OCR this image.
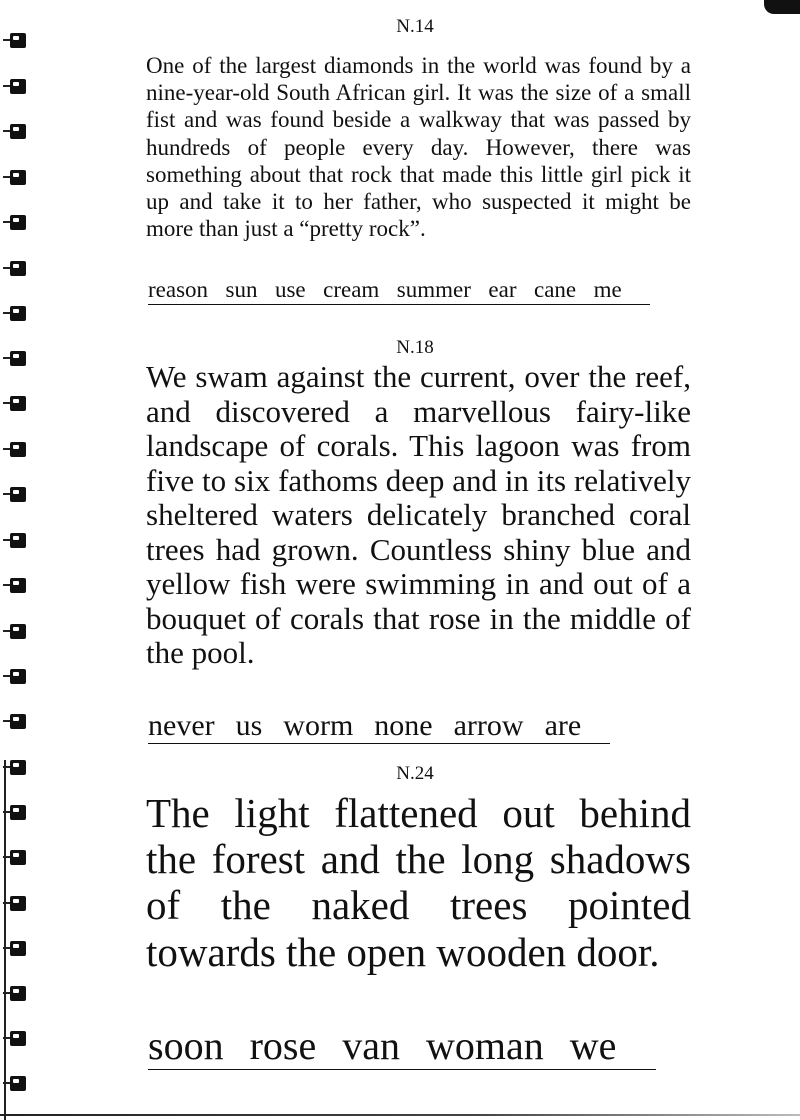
N.14

One of the largest diamonds in the world was found by a nine-year-old South African girl. It was the size of a small fist and was found beside a walkway that was passed by hundreds of people every day. However, there was something about that rock that made this little girl pick it up and take it to her father, who suspected it might be more than just a “pretty rock”.

reason  sun  use  cream  summer  ear  cane  me
N.18

We swam against the current, over the reef, and discovered a marvellous fairy-like landscape of corals. This lagoon was from five to six fathoms deep and in its relatively sheltered waters delicately branched coral trees had grown. Countless shiny blue and yellow fish were swimming in and out of a bouquet of corals that rose in the middle of the pool.

never  us  worm  none  arrow  are
N.24

The light flattened out behind the forest and the long shadows of the naked trees pointed towards the open wooden door.

soon  rose  van  woman  we
